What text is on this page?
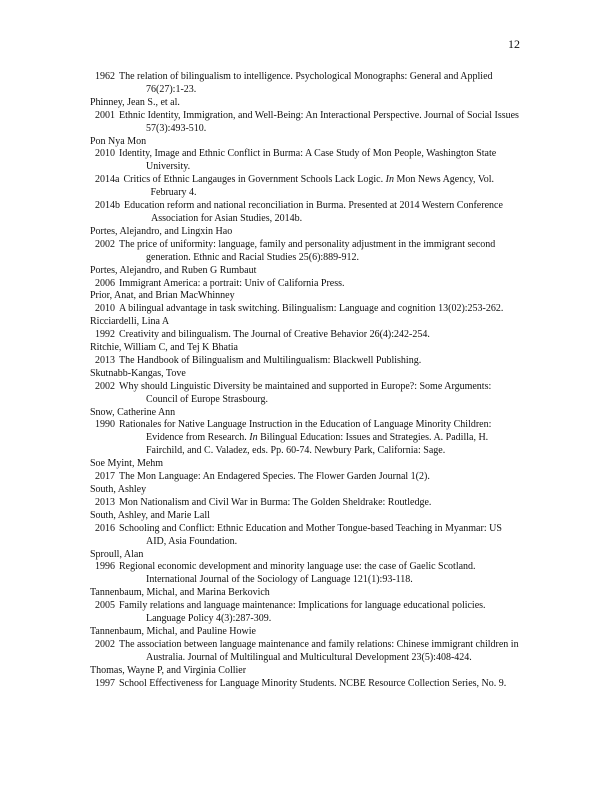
12
1962 The relation of bilingualism to intelligence. Psychological Monographs: General and Applied 76(27):1-23.
Phinney, Jean S., et al.
2001 Ethnic Identity, Immigration, and Well-Being: An Interactional Perspective. Journal of Social Issues 57(3):493-510.
Pon Nya Mon
2010 Identity, Image and Ethnic Conflict in Burma: A Case Study of Mon People, Washington State University.
2014a Critics of Ethnic Langauges in Government Schools Lack Logic. In Mon News Agency, Vol. February 4.
2014b Education reform and national reconciliation in Burma. Presented at 2014 Western Conference Association for Asian Studies, 2014b.
Portes, Alejandro, and Lingxin Hao
2002 The price of uniformity: language, family and personality adjustment in the immigrant second generation. Ethnic and Racial Studies 25(6):889-912.
Portes, Alejandro, and Ruben G Rumbaut
2006 Immigrant America: a portrait: Univ of California Press.
Prior, Anat, and Brian MacWhinney
2010 A bilingual advantage in task switching. Bilingualism: Language and cognition 13(02):253-262.
Ricciardelli, Lina A
1992 Creativity and bilingualism. The Journal of Creative Behavior 26(4):242-254.
Ritchie, William C, and Tej K Bhatia
2013 The Handbook of Bilingualism and Multilingualism: Blackwell Publishing.
Skutnabb-Kangas, Tove
2002 Why should Linguistic Diversity be maintained and supported in Europe?: Some Arguments: Council of Europe Strasbourg.
Snow, Catherine Ann
1990 Rationales for Native Language Instruction in the Education of Language Minority Children: Evidence from Research. In Bilingual Education: Issues and Strategies. A. Padilla, H. Fairchild, and C. Valadez, eds. Pp. 60-74. Newbury Park, California: Sage.
Soe Myint, Mehm
2017 The Mon Language: An Endagered Species. The Flower Garden Journal 1(2).
South, Ashley
2013 Mon Nationalism and Civil War in Burma: The Golden Sheldrake: Routledge.
South, Ashley, and Marie Lall
2016 Schooling and Conflict: Ethnic Education and Mother Tongue-based Teaching in Myanmar: US AID, Asia Foundation.
Sproull, Alan
1996 Regional economic development and minority language use: the case of Gaelic Scotland. International Journal of the Sociology of Language 121(1):93-118.
Tannenbaum, Michal, and Marina Berkovich
2005 Family relations and language maintenance: Implications for language educational policies. Language Policy 4(3):287-309.
Tannenbaum, Michal, and Pauline Howie
2002 The association between language maintenance and family relations: Chinese immigrant children in Australia. Journal of Multilingual and Multicultural Development 23(5):408-424.
Thomas, Wayne P, and Virginia Collier
1997 School Effectiveness for Language Minority Students. NCBE Resource Collection Series, No. 9.
